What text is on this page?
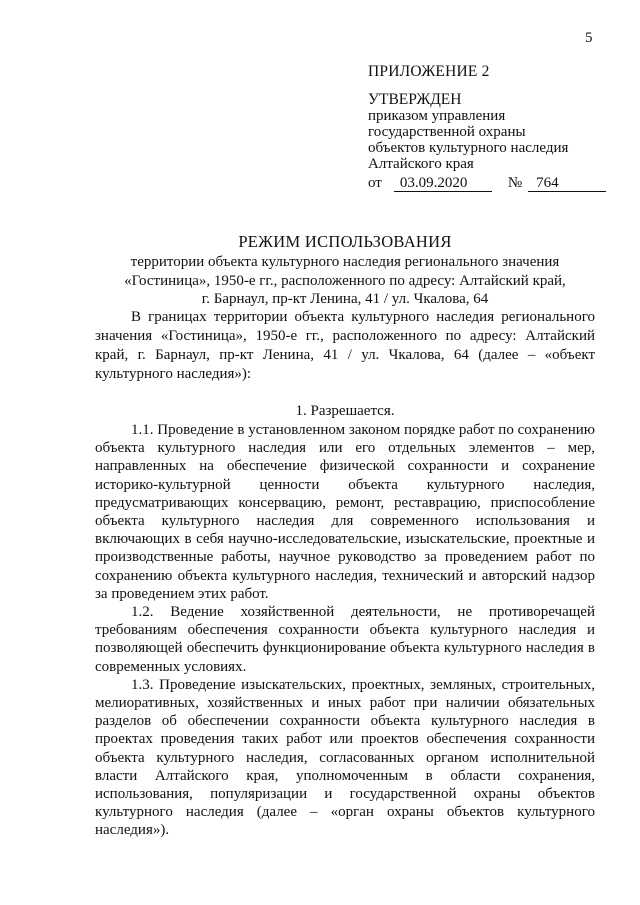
5
ПРИЛОЖЕНИЕ 2
УТВЕРЖДЕН
приказом управления
государственной охраны
объектов культурного наследия
Алтайского края
от 03.09.2020	№ 764
РЕЖИМ ИСПОЛЬЗОВАНИЯ
территории объекта культурного наследия регионального значения
«Гостиница», 1950-е гг., расположенного по адресу: Алтайский край,
г. Барнаул, пр-кт Ленина, 41 / ул. Чкалова, 64

В границах территории объекта культурного наследия регионального значения «Гостиница», 1950-е гг., расположенного по адресу: Алтайский край, г. Барнаул, пр-кт Ленина, 41 / ул. Чкалова, 64 (далее – «объект культурного наследия»):

1. Разрешается.

1.1. Проведение в установленном законом порядке работ по сохранению объекта культурного наследия или его отдельных элементов – мер, направленных на обеспечение физической сохранности и сохранение историко-культурной ценности объекта культурного наследия, предусматривающих консервацию, ремонт, реставрацию, приспособление объекта культурного наследия для современного использования и включающих в себя научно-исследовательские, изыскательские, проектные и производственные работы, научное руководство за проведением работ по сохранению объекта культурного наследия, технический и авторский надзор за проведением этих работ.

1.2. Ведение хозяйственной деятельности, не противоречащей требованиям обеспечения сохранности объекта культурного наследия и позволяющей обеспечить функционирование объекта культурного наследия в современных условиях.

1.3. Проведение изыскательских, проектных, земляных, строительных, мелиоративных, хозяйственных и иных работ при наличии обязательных разделов об обеспечении сохранности объекта культурного наследия в проектах проведения таких работ или проектов обеспечения сохранности объекта культурного наследия, согласованных органом исполнительной власти Алтайского края, уполномоченным в области сохранения, использования, популяризации и государственной охраны объектов культурного наследия (далее – «орган охраны объектов культурного наследия»).
